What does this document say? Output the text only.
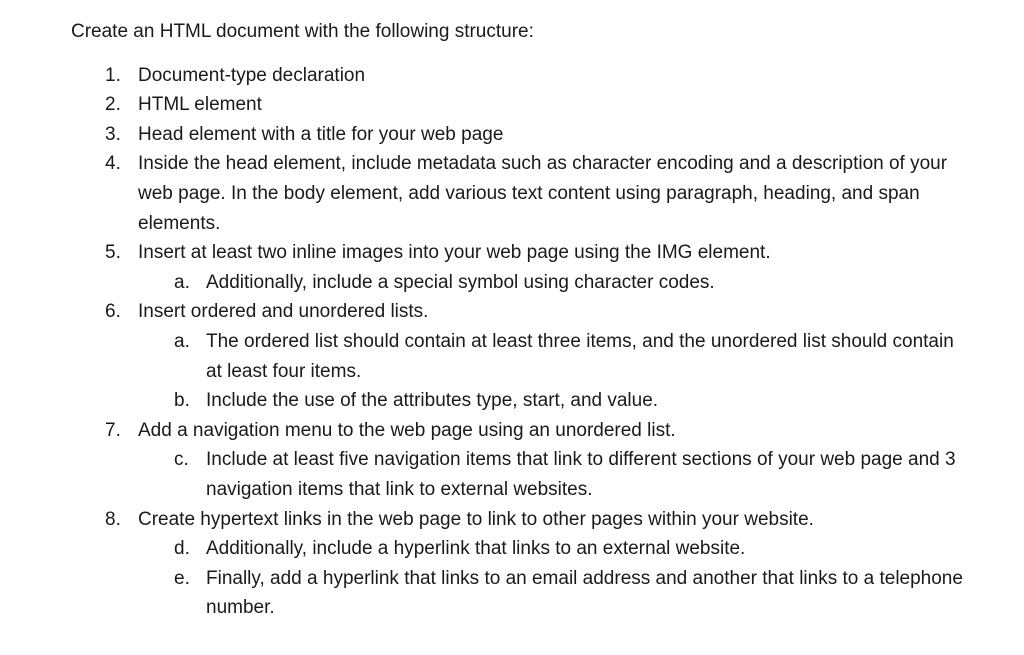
Create an HTML document with the following structure:

1. Document-type declaration
2. HTML element
3. Head element with a title for your web page
4. Inside the head element, include metadata such as character encoding and a description of your web page. In the body element, add various text content using paragraph, heading, and span elements.
5. Insert at least two inline images into your web page using the IMG element.
a. Additionally, include a special symbol using character codes.
6. Insert ordered and unordered lists.
a. The ordered list should contain at least three items, and the unordered list should contain at least four items.
b. Include the use of the attributes type, start, and value.
7. Add a navigation menu to the web page using an unordered list.
c. Include at least five navigation items that link to different sections of your web page and 3 navigation items that link to external websites.
8. Create hypertext links in the web page to link to other pages within your website.
d. Additionally, include a hyperlink that links to an external website.
e. Finally, add a hyperlink that links to an email address and another that links to a telephone number.
